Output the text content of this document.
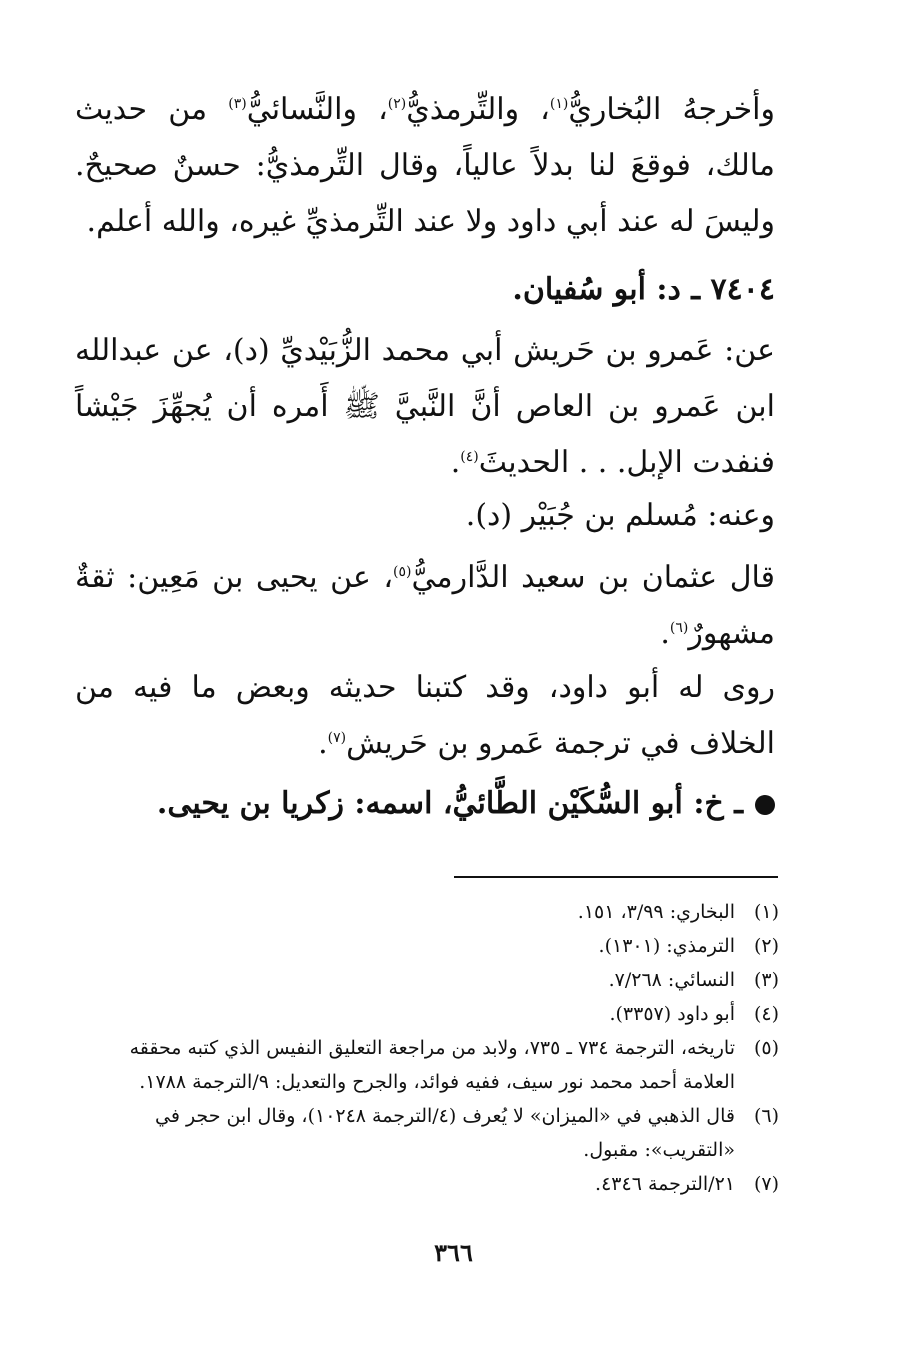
وأخرجهُ البُخاريُّ$^{(١)}$، والتِّرمذيُّ$^{(٢)}$، والنَّسائيُّ$^{(٣)}$ من حديث مالك، فوقعَ لنا بدلاً عالياً، وقال التِّرمذيُّ: حسنٌ صحيحٌ. وليسَ له عند أبي داود ولا عند التِّرمذيِّ غيره، والله أعلم.
٧٤٠٤ ـ د: أبو سُفيان.
عن: عَمرو بن حَريش أبي محمد الزُّبَيْديِّ (د)، عن عبدالله ابن عَمرو بن العاص أنَّ النَّبيَّ ﷺ أَمره أن يُجهِّزَ جَيْشاً فنفدت الإبل. . . الحديثَ$^{(٤)}$.
وعنه: مُسلم بن جُبَيْر (د).
قال عثمان بن سعيد الدَّارميُّ$^{(٥)}$، عن يحيى بن مَعِين: ثقةٌ مشهورٌ$^{(٦)}$.
روى له أبو داود، وقد كتبنا حديثه وبعض ما فيه من الخلاف في ترجمة عَمرو بن حَريش$^{(٧)}$.
ـ خ: أبو السُّكَيْن الطَّائيُّ، اسمه: زكريا بن يحيى.
(١)
البخاري: ٣/٩٩، ١٥١.
(٢)
الترمذي: (١٣٠١).
(٣)
النسائي: ٧/٢٦٨.
(٤)
أبو داود (٣٣٥٧).
(٥)
تاريخه، الترجمة ٧٣٤ ـ ٧٣٥، ولابد من مراجعة التعليق النفيس الذي كتبه محققه العلامة أحمد محمد نور سيف، ففيه فوائد، والجرح والتعديل: ٩/الترجمة ١٧٨٨.
(٦)
قال الذهبي في «الميزان» لا يُعرف (٤/الترجمة ١٠٢٤٨)، وقال ابن حجر في «التقريب»: مقبول.
(٧)
٢١/الترجمة ٤٣٤٦.
٣٦٦
